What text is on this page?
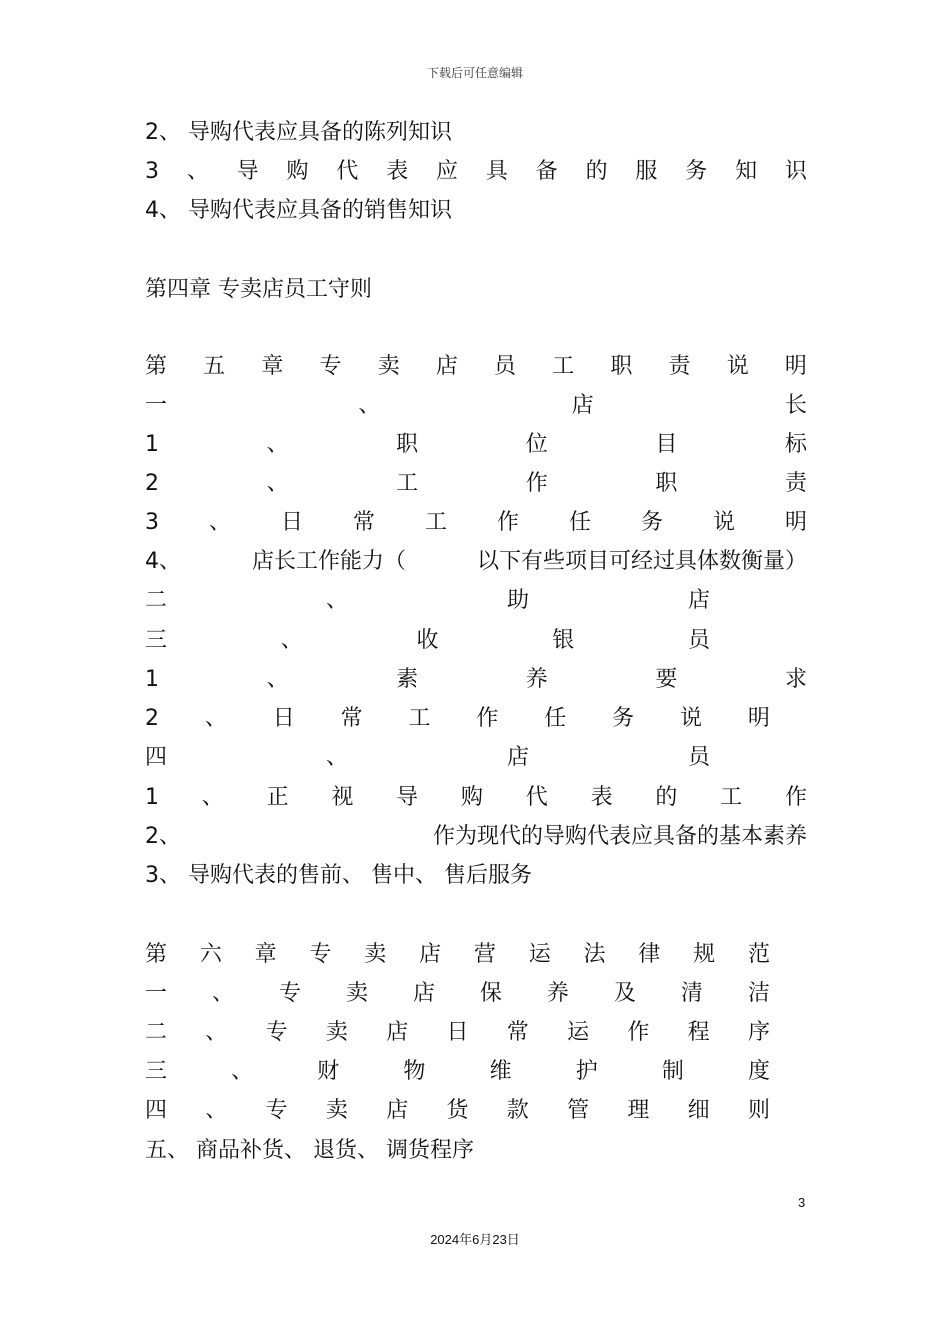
下载后可任意编辑
2、 导购代表应具备的陈列知识
3 、 导 购 代 表 应 具 备 的 服 务 知 识
4、 导购代表应具备的销售知识
第四章 专卖店员工守则
第 五 章 专 卖 店 员 工 职 责 说 明
一	、	店	长
1	、	职	位	目	标
2	、	工	作	职	责
3 、 日 常 工 作 任 务 说 明
4、	店长工作能力（	以下有些项目可经过具体数衡量）
二	、	助	店
三	、	收	银	员
1	、	素	养	要	求
2 、 日 常 工 作 任 务 说 明
四	、	店	员
1 、 正 视 导 购 代 表 的 工 作
2、	作为现代的导购代表应具备的基本素养
3、 导购代表的售前、 售中、 售后服务
第 六 章 专 卖 店 营 运 法 律 规 范
一 、 专 卖 店 保 养 及 清 洁
二 、 专 卖 店 日 常 运 作 程 序
三	、	财	物	维	护	制	度
四 、 专 卖 店 货 款 管 理 细 则
五、 商品补货、 退货、 调货程序
3
2024年6月23日
